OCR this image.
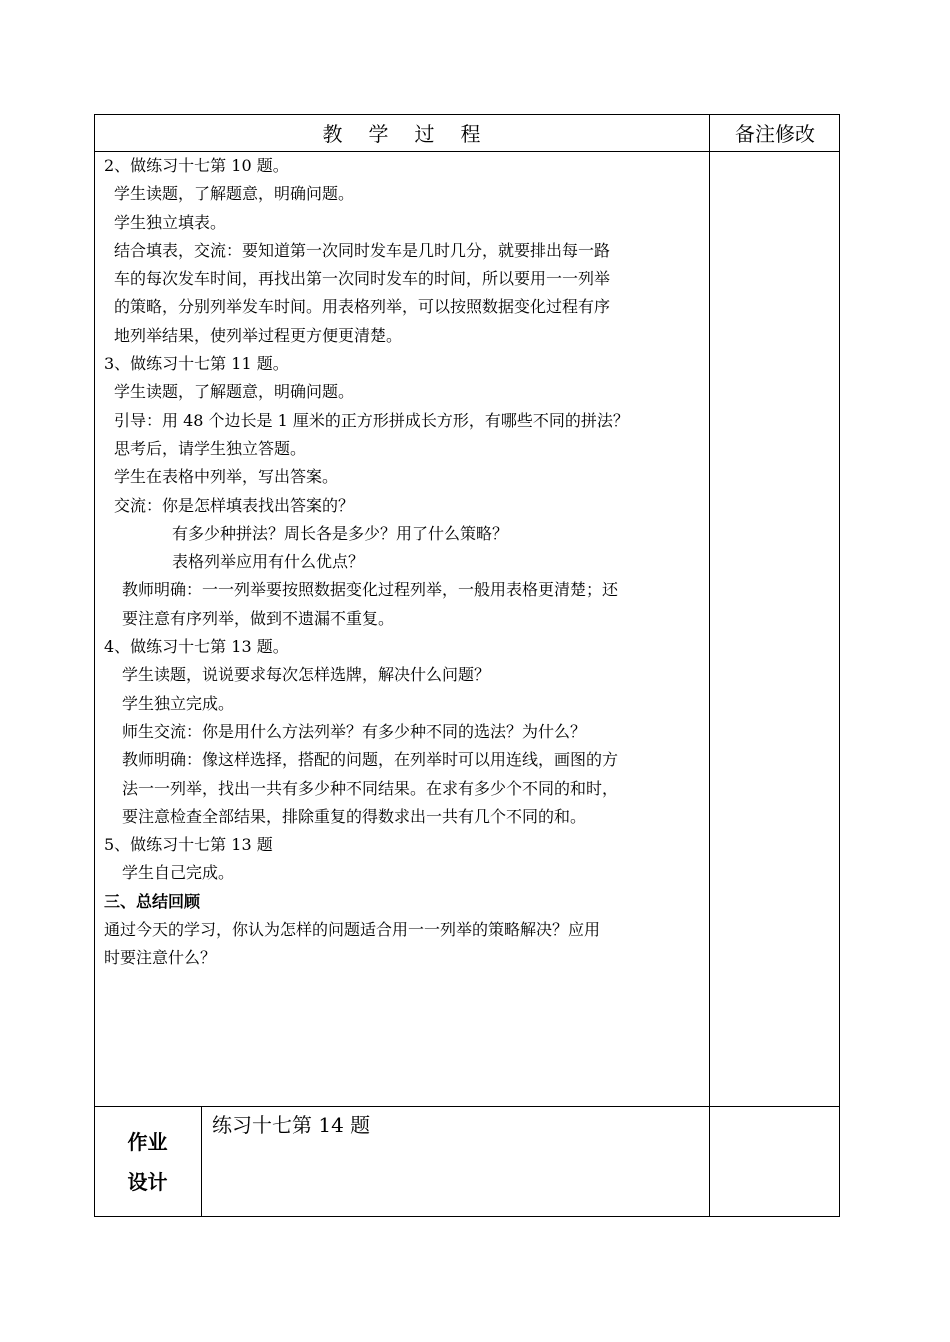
教学过程	备注修改
2、做练习十七第 10 题。
学生读题，了解题意，明确问题。
学生独立填表。
结合填表，交流：要知道第一次同时发车是几时几分，就要排出每一路
车的每次发车时间，再找出第一次同时发车的时间，所以要用一一列举
的策略，分别列举发车时间。用表格列举，可以按照数据变化过程有序
地列举结果，使列举过程更方便更清楚。
3、做练习十七第 11 题。
学生读题，了解题意，明确问题。
引导：用 48 个边长是 1 厘米的正方形拼成长方形，有哪些不同的拼法？
思考后，请学生独立答题。
学生在表格中列举，写出答案。
交流：你是怎样填表找出答案的？
有多少种拼法？周长各是多少？用了什么策略？
表格列举应用有什么优点？
教师明确：一一列举要按照数据变化过程列举，一般用表格更清楚；还
要注意有序列举，做到不遗漏不重复。
4、做练习十七第 13 题。
学生读题，说说要求每次怎样选牌，解决什么问题？
学生独立完成。
师生交流：你是用什么方法列举？有多少种不同的选法？为什么？
教师明确：像这样选择，搭配的问题，在列举时可以用连线，画图的方
法一一列举，找出一共有多少种不同结果。在求有多少个不同的和时，
要注意检查全部结果，排除重复的得数求出一共有几个不同的和。
5、做练习十七第 13 题
学生自己完成。
三、总结回顾
通过今天的学习，你认为怎样的问题适合用一一列举的策略解决？应用
时要注意什么？
作业
设计
练习十七第 14 题
